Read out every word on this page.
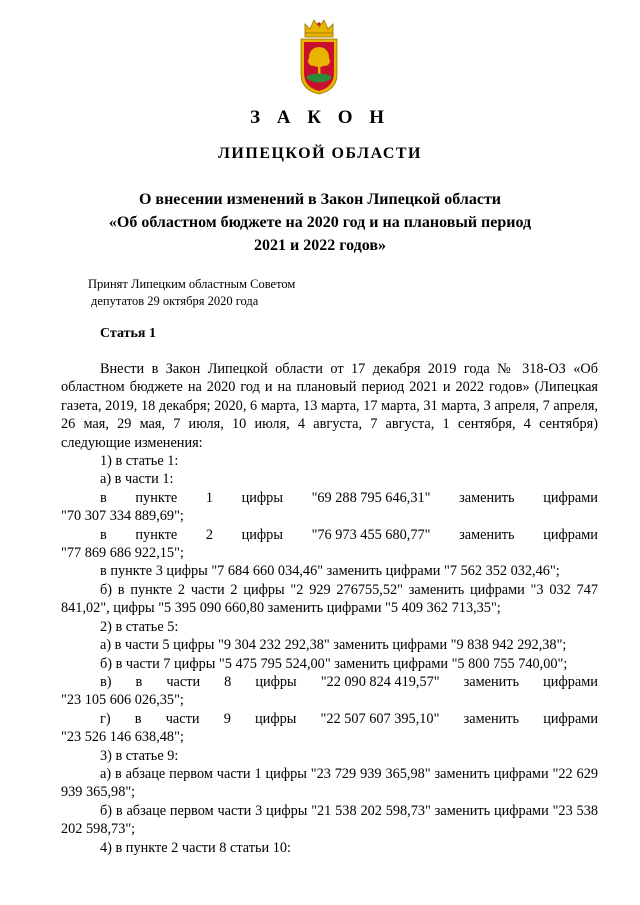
З А К О Н
ЛИПЕЦКОЙ ОБЛАСТИ
О внесении изменений в Закон Липецкой области
«Об областном бюджете на 2020 год и на плановый период
2021 и 2022 годов»
Принят Липецким областным Советом
депутатов 29 октября 2020 года
Статья 1

Внести в Закон Липецкой области от 17 декабря 2019 года № 318-ОЗ «Об областном бюджете на 2020 год и на плановый период 2021 и 2022 годов» (Липецкая газета, 2019, 18 декабря; 2020, 6 марта, 13 марта, 17 марта, 31 марта, 3 апреля, 7 апреля, 26 мая, 29 мая, 7 июля, 10 июля, 4 августа, 7 августа, 1 сентября, 4 сентября) следующие изменения:

1) в статье 1:

а) в части 1:

в пункте 1 цифры "69 288 795 646,31" заменить цифрами

"70 307 334 889,69";

в пункте 2 цифры "76 973 455 680,77" заменить цифрами

"77 869 686 922,15";

в пункте 3 цифры "7 684 660 034,46" заменить цифрами "7 562 352 032,46";

б) в пункте 2 части 2 цифры "2 929 276755,52" заменить цифрами "3 032 747 841,02", цифры "5 395 090 660,80 заменить цифрами "5 409 362 713,35";

2) в статье 5:

а) в части 5 цифры "9 304 232 292,38" заменить цифрами "9 838 942 292,38";

б) в части 7 цифры "5 475 795 524,00" заменить цифрами "5 800 755 740,00";

в) в части 8 цифры "22 090 824 419,57" заменить цифрами

"23 105 606 026,35";

г) в части 9 цифры "22 507 607 395,10" заменить цифрами

"23 526 146 638,48";

3) в статье 9:

а) в абзаце первом части 1 цифры "23 729 939 365,98" заменить цифрами "22 629 939 365,98";

б) в абзаце первом части 3 цифры "21 538 202 598,73" заменить цифрами "23 538 202 598,73";

4) в пункте 2 части 8 статьи 10:
